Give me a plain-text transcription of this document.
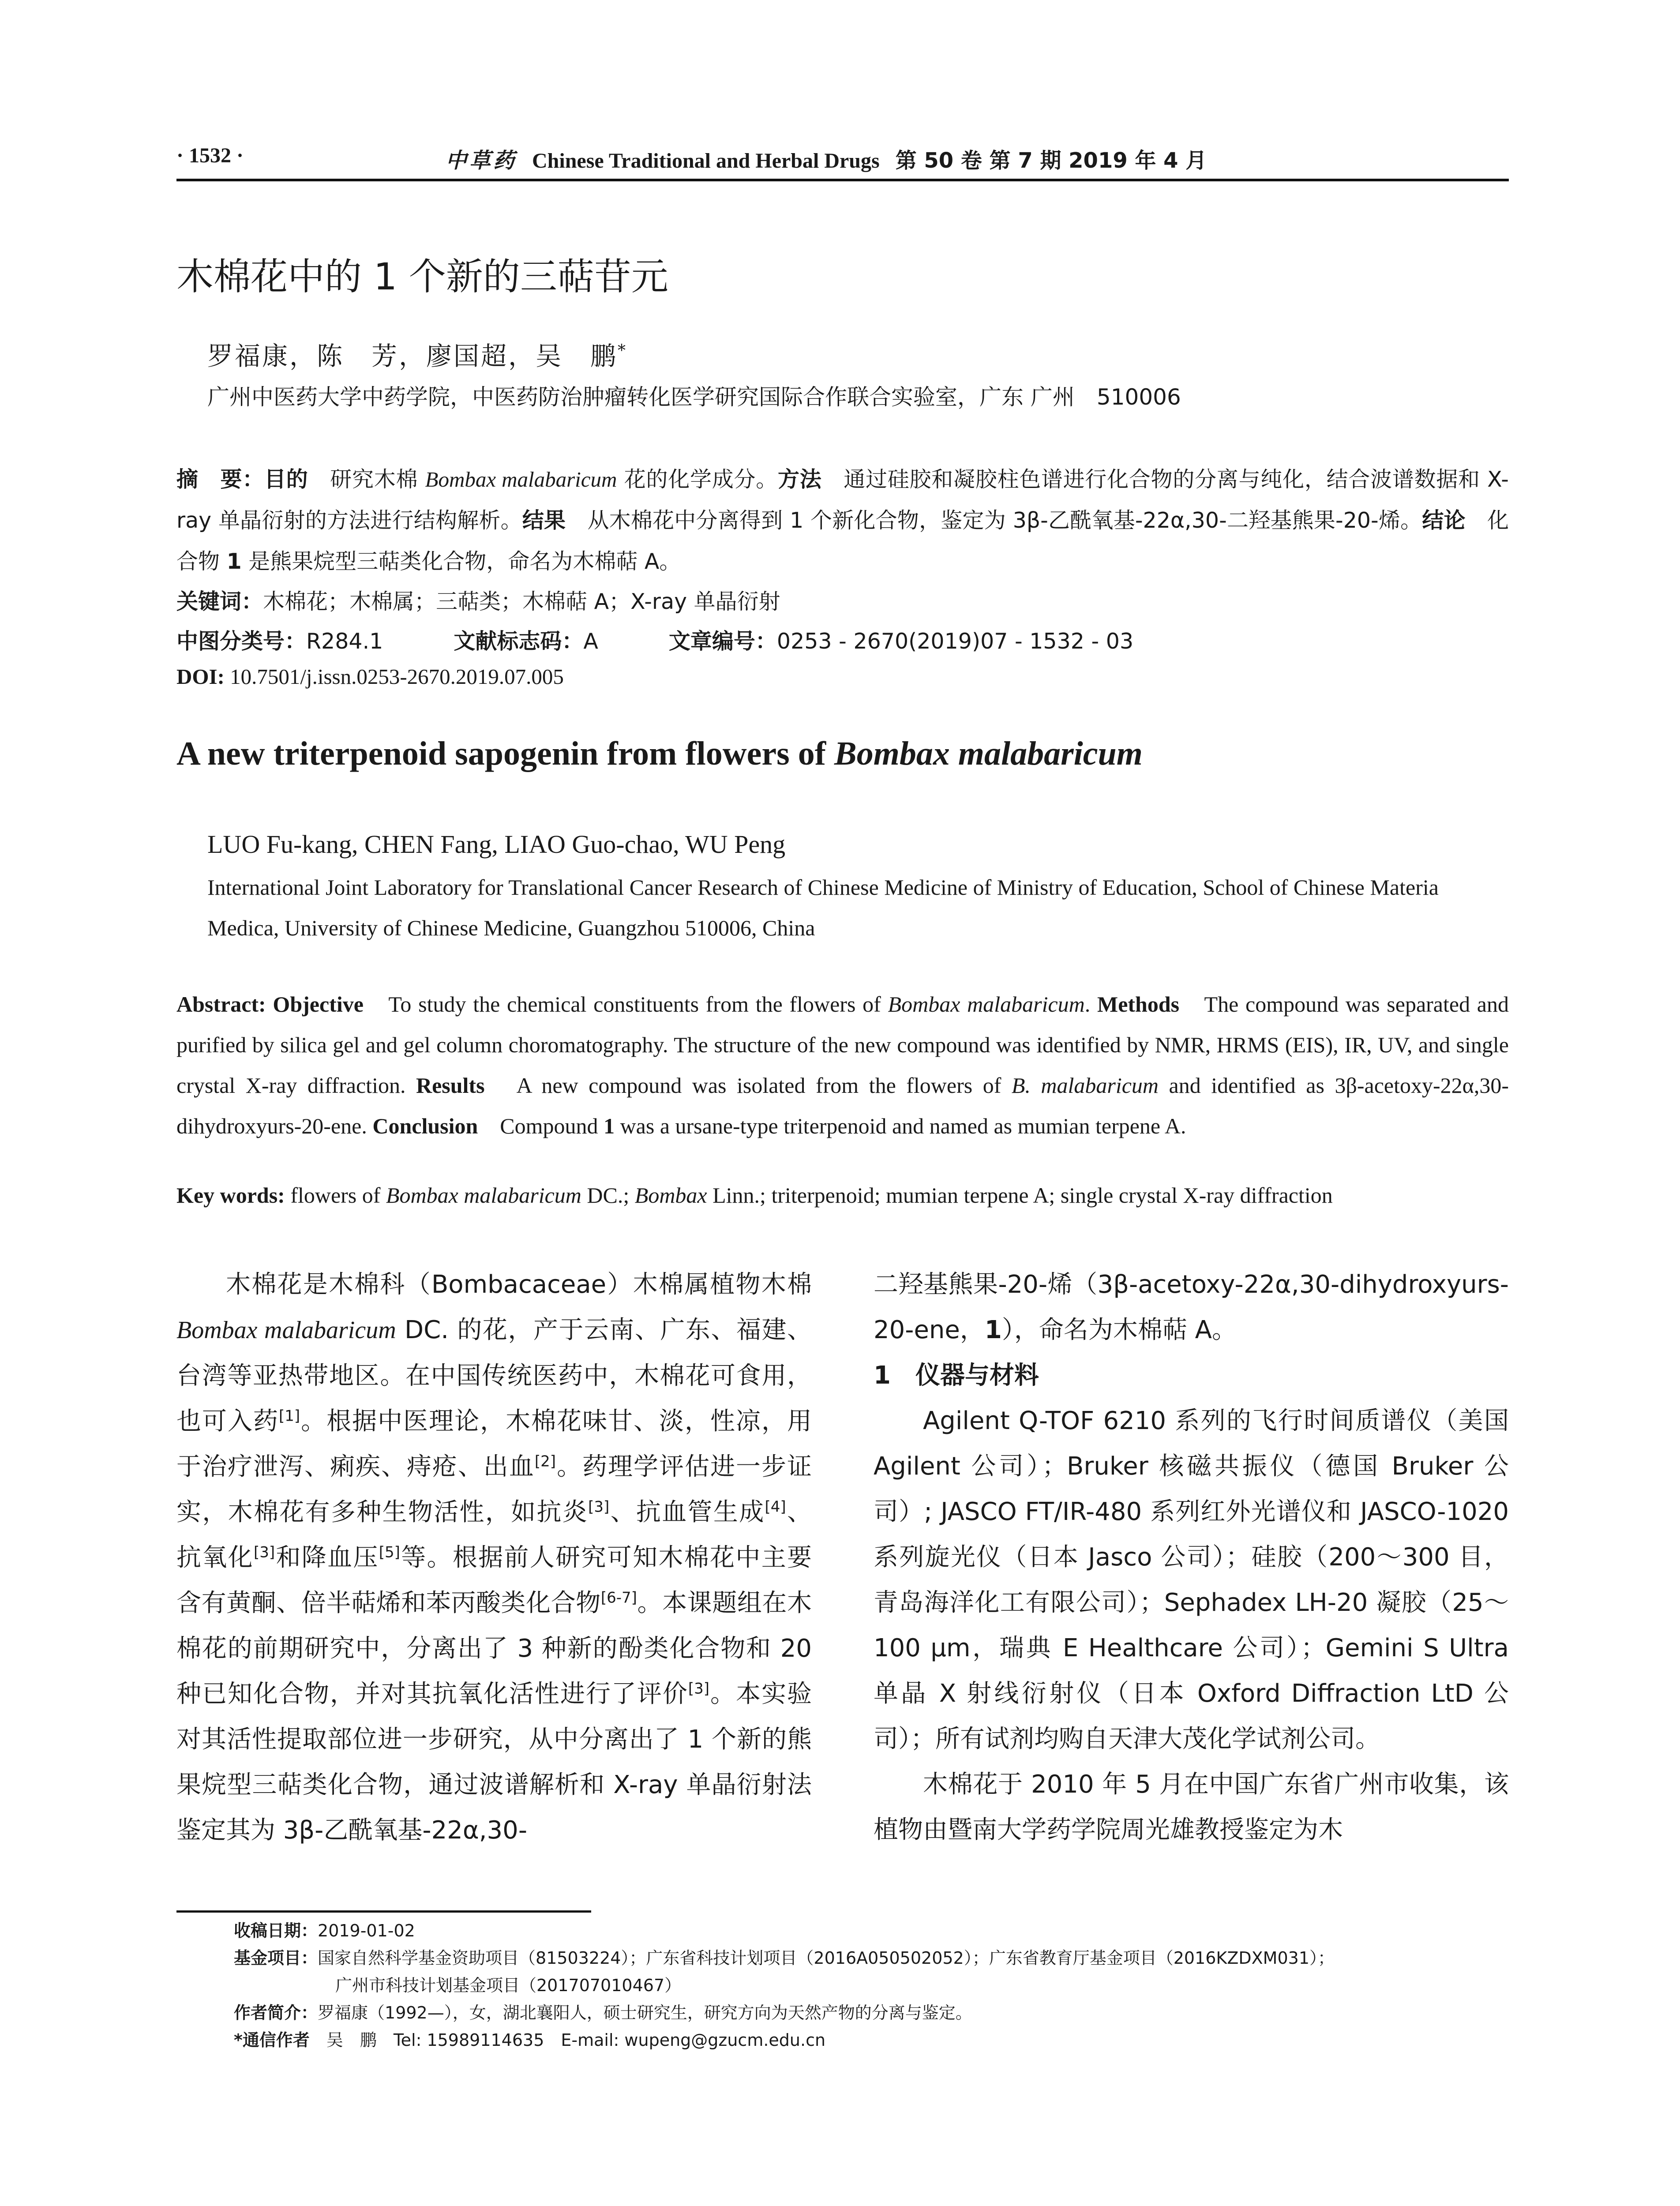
· 1532 ·	中草药 Chinese Traditional and Herbal Drugs 第 50 卷 第 7 期 2019 年 4 月
木棉花中的 1 个新的三萜苷元
罗福康，陈　芳，廖国超，吴　鹏*
广州中医药大学中药学院，中医药防治肿瘤转化医学研究国际合作联合实验室，广东 广州　510006
摘　要：目的　研究木棉 Bombax malabaricum 花的化学成分。方法　通过硅胶和凝胶柱色谱进行化合物的分离与纯化，结合波谱数据和 X-ray 单晶衍射的方法进行结构解析。结果　从木棉花中分离得到 1 个新化合物，鉴定为 3β-乙酰氧基-22α,30-二羟基熊果-20-烯。结论　化合物 1 是熊果烷型三萜类化合物，命名为木棉萜 A。
关键词：木棉花；木棉属；三萜类；木棉萜 A；X-ray 单晶衍射
中图分类号：R284.1	文献标志码：A	文章编号：0253 - 2670(2019)07 - 1532 - 03
DOI: 10.7501/j.issn.0253-2670.2019.07.005
A new triterpenoid sapogenin from flowers of Bombax malabaricum
LUO Fu-kang, CHEN Fang, LIAO Guo-chao, WU Peng
International Joint Laboratory for Translational Cancer Research of Chinese Medicine of Ministry of Education, School of Chinese Materia Medica, University of Chinese Medicine, Guangzhou 510006, China
Abstract: Objective　To study the chemical constituents from the flowers of Bombax malabaricum. Methods　The compound was separated and purified by silica gel and gel column choromatography. The structure of the new compound was identified by NMR, HRMS (EIS), IR, UV, and single crystal X-ray diffraction. Results　A new compound was isolated from the flowers of B. malabaricum and identified as 3β-acetoxy-22α,30-dihydroxyurs-20-ene. Conclusion　Compound 1 was a ursane-type triterpenoid and named as mumian terpene A.
Key words: flowers of Bombax malabaricum DC.; Bombax Linn.; triterpenoid; mumian terpene A; single crystal X-ray diffraction

木棉花是木棉科（Bombacaceae）木棉属植物木棉 Bombax malabaricum DC. 的花，产于云南、广东、福建、台湾等亚热带地区。在中国传统医药中，木棉花可食用，也可入药[1]。根据中医理论，木棉花味甘、淡，性凉，用于治疗泄泻、痢疾、痔疮、出血[2]。药理学评估进一步证实，木棉花有多种生物活性，如抗炎[3]、抗血管生成[4]、抗氧化[3]和降血压[5]等。根据前人研究可知木棉花中主要含有黄酮、倍半萜烯和苯丙酸类化合物[6-7]。本课题组在木棉花的前期研究中，分离出了 3 种新的酚类化合物和 20 种已知化合物，并对其抗氧化活性进行了评价[3]。本实验对其活性提取部位进一步研究，从中分离出了 1 个新的熊果烷型三萜类化合物，通过波谱解析和 X-ray 单晶衍射法鉴定其为 3β-乙酰氧基-22α,30-

二羟基熊果-20-烯（3β-acetoxy-22α,30-dihydroxyurs-20-ene，1），命名为木棉萜 A。

1　仪器与材料

Agilent Q-TOF 6210 系列的飞行时间质谱仪（美国 Agilent 公司）；Bruker 核磁共振仪（德国 Bruker 公司）; JASCO FT/IR-480 系列红外光谱仪和 JASCO-1020 系列旋光仪（日本 Jasco 公司）；硅胶（200～300 目，青岛海洋化工有限公司）；Sephadex LH-20 凝胶（25～100 μm，瑞典 E Healthcare 公司）；Gemini S Ultra 单晶 X 射线衍射仪（日本 Oxford Diffraction LtD 公司）；所有试剂均购自天津大茂化学试剂公司。

木棉花于 2010 年 5 月在中国广东省广州市收集，该植物由暨南大学药学院周光雄教授鉴定为木

收稿日期：2019-01-02
基金项目：国家自然科学基金资助项目（81503224）；广东省科技计划项目（2016A050502052）；广东省教育厅基金项目（2016KZDXM031）；
广州市科技计划基金项目（201707010467）
作者简介：罗福康（1992—），女，湖北襄阳人，硕士研究生，研究方向为天然产物的分离与鉴定。
*通信作者　吴　鹏　Tel: 15989114635　E-mail: wupeng@gzucm.edu.cn
